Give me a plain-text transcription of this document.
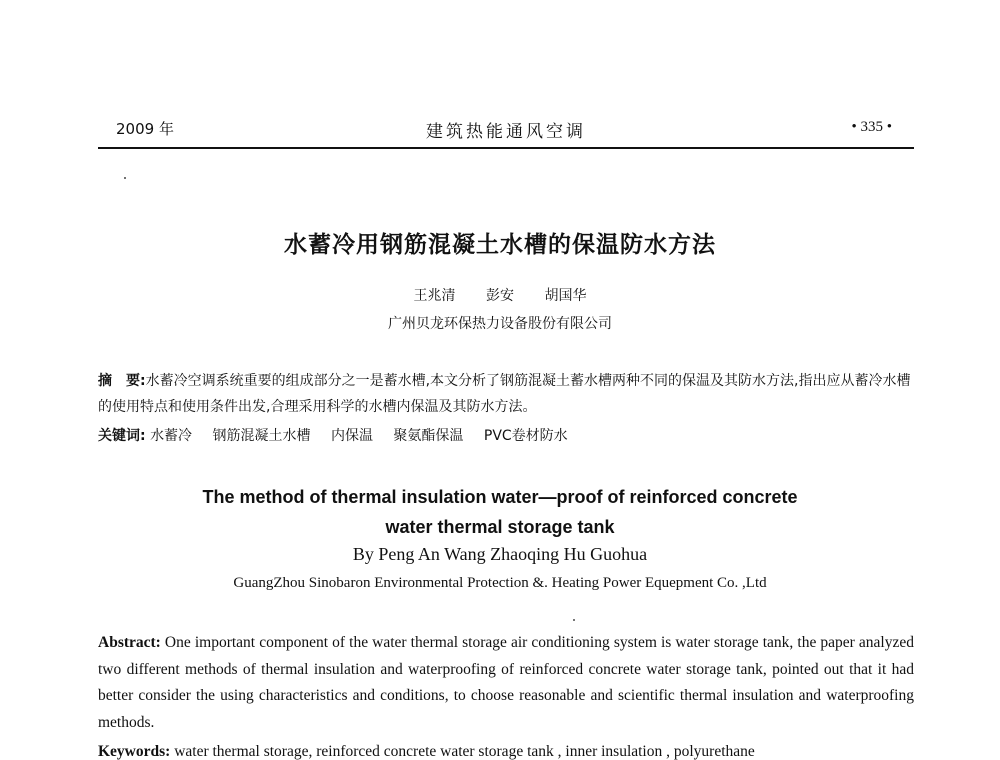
2009 年	建筑热能通风空调	• 335 •
水蓄冷用钢筋混凝土水槽的保温防水方法
王兆清 彭安 胡国华
广州贝龙环保热力设备股份有限公司
摘　要:水蓄冷空调系统重要的组成部分之一是蓄水槽,本文分析了钢筋混凝土蓄水槽两种不同的保温及其防水方法,指出应从蓄冷水槽的使用特点和使用条件出发,合理采用科学的水槽内保温及其防水方法。
关键词: 水蓄冷 钢筋混凝土水槽 内保温 聚氨酯保温 PVC卷材防水
The method of thermal insulation water—proof of reinforced concrete
water thermal storage tank
By Peng An Wang Zhaoqing Hu Guohua
GuangZhou Sinobaron Environmental Protection &. Heating Power Equepment Co. ,Ltd
Abstract: One important component of the water thermal storage air conditioning system is water storage tank, the paper analyzed two different methods of thermal insulation and waterproofing of reinforced concrete water storage tank, pointed out that it had better consider the using characteristics and conditions, to choose reasonable and scientific thermal insulation and waterproofing methods.
Keywords: water thermal storage, reinforced concrete water storage tank , inner insulation , polyurethane
